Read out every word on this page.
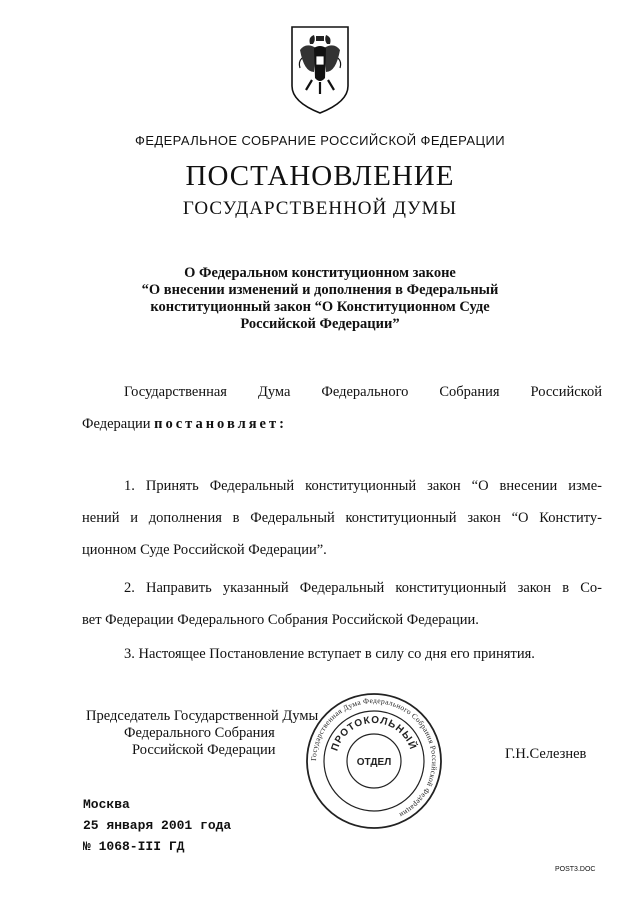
ФЕДЕРАЛЬНОЕ СОБРАНИЕ РОССИЙСКОЙ ФЕДЕРАЦИИ
ПОСТАНОВЛЕНИЕ
ГОСУДАРСТВЕННОЙ ДУМЫ
О Федеральном конституционном законе
“О внесении изменений и дополнения в Федеральный
конституционный закон “О Конституционном Суде
Российской Федерации”
Государственная Дума Федерального Собрания Российской
Федерации постановляет:
1. Принять Федеральный конституционный закон “О внесении изме-
нений и дополнения в Федеральный конституционный закон “О Конститу-
ционном Суде Российской Федерации”.
2. Направить указанный Федеральный конституционный закон в Со-
вет Федерации Федерального Собрания Российской Федерации.
3. Настоящее Постановление вступает в силу со дня его принятия.
Председатель Государственной Думы
Федерального Собрания
Российской Федерации
Государственная Дума Федерального Собрания Российской Федерации
ПРОТОКОЛЬНЫЙ
ОТДЕЛ
Г.Н.Селезнев
Москва
25 января 2001 года
№ 1068-III ГД
POST3.DOC
